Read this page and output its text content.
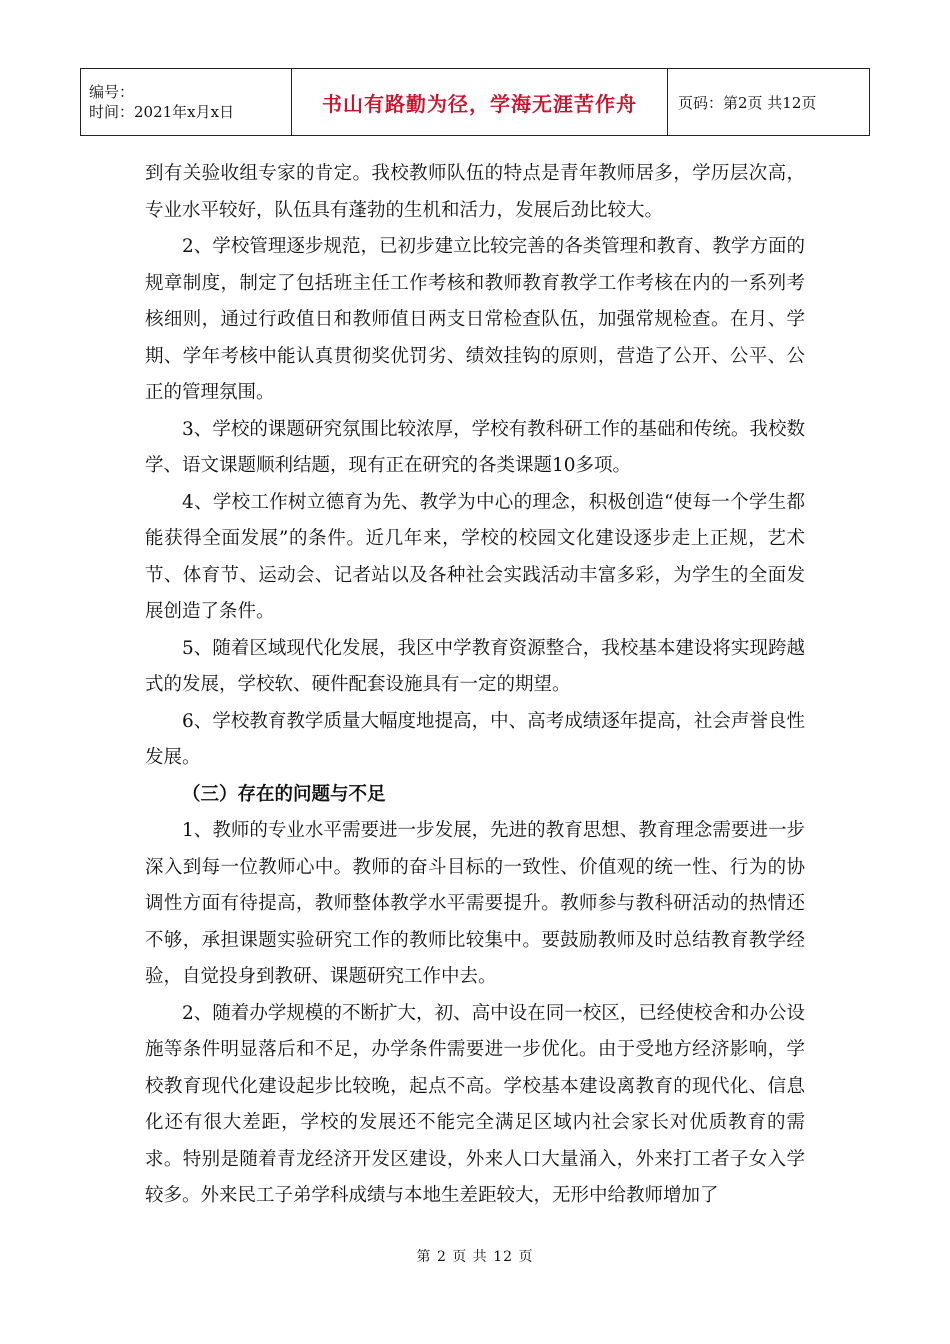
编号：
时间：2021年x月x日	书山有路勤为径，学海无涯苦作舟	页码：第2页 共12页

到有关验收组专家的肯定。我校教师队伍的特点是青年教师居多，学历层次高，专业水平较好，队伍具有蓬勃的生机和活力，发展后劲比较大。

2、学校管理逐步规范，已初步建立比较完善的各类管理和教育、教学方面的规章制度，制定了包括班主任工作考核和教师教育教学工作考核在内的一系列考核细则，通过行政值日和教师值日两支日常检查队伍，加强常规检查。在月、学期、学年考核中能认真贯彻奖优罚劣、绩效挂钩的原则，营造了公开、公平、公正的管理氛围。

3、学校的课题研究氛围比较浓厚，学校有教科研工作的基础和传统。我校数学、语文课题顺利结题，现有正在研究的各类课题10多项。

4、学校工作树立德育为先、教学为中心的理念，积极创造“使每一个学生都能获得全面发展”的条件。近几年来，学校的校园文化建设逐步走上正规，艺术节、体育节、运动会、记者站以及各种社会实践活动丰富多彩，为学生的全面发展创造了条件。

5、随着区域现代化发展，我区中学教育资源整合，我校基本建设将实现跨越式的发展，学校软、硬件配套设施具有一定的期望。

6、学校教育教学质量大幅度地提高，中、高考成绩逐年提高，社会声誉良性发展。

（三）存在的问题与不足

1、教师的专业水平需要进一步发展，先进的教育思想、教育理念需要进一步深入到每一位教师心中。教师的奋斗目标的一致性、价值观的统一性、行为的协调性方面有待提高，教师整体教学水平需要提升。教师参与教科研活动的热情还不够，承担课题实验研究工作的教师比较集中。要鼓励教师及时总结教育教学经验，自觉投身到教研、课题研究工作中去。

2、随着办学规模的不断扩大，初、高中设在同一校区，已经使校舍和办公设施等条件明显落后和不足，办学条件需要进一步优化。由于受地方经济影响，学校教育现代化建设起步比较晚，起点不高。学校基本建设离教育的现代化、信息化还有很大差距，学校的发展还不能完全满足区域内社会家长对优质教育的需求。特别是随着青龙经济开发区建设，外来人口大量涌入，外来打工者子女入学较多。外来民工子弟学科成绩与本地生差距较大，无形中给教师增加了

第 2 页 共 12 页
